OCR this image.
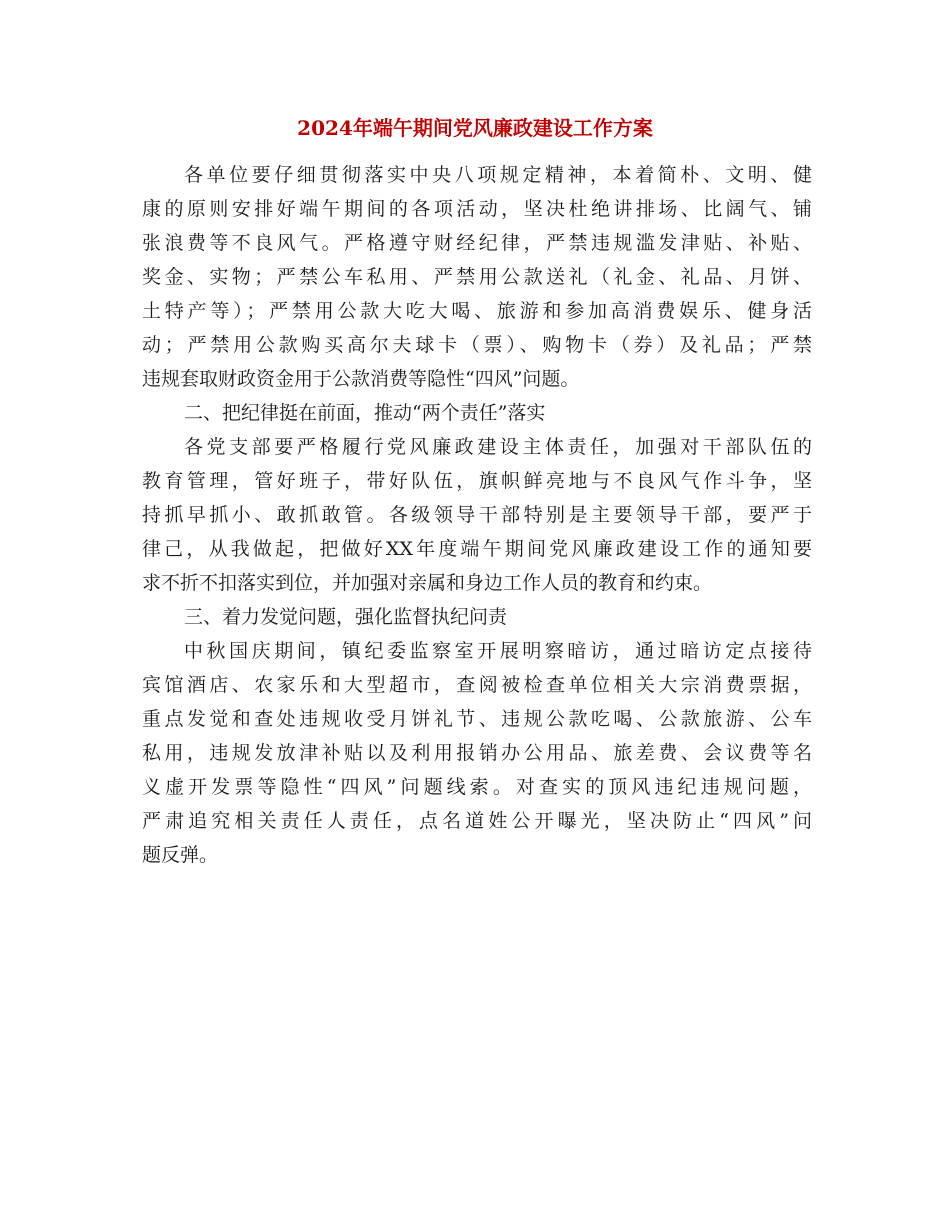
2024年端午期间党风廉政建设工作方案
各单位要仔细贯彻落实中央八项规定精神，本着简朴、文明、健
康的原则安排好端午期间的各项活动，坚决杜绝讲排场、比阔气、铺
张浪费等不良风气。严格遵守财经纪律，严禁违规滥发津贴、补贴、
奖金、实物；严禁公车私用、严禁用公款送礼（礼金、礼品、月饼、
土特产等）；严禁用公款大吃大喝、旅游和参加高消费娱乐、健身活
动；严禁用公款购买高尔夫球卡（票）、购物卡（券）及礼品；严禁
违规套取财政资金用于公款消费等隐性“四风”问题。
二、把纪律挺在前面，推动“两个责任”落实
各党支部要严格履行党风廉政建设主体责任，加强对干部队伍的
教育管理，管好班子，带好队伍，旗帜鲜亮地与不良风气作斗争，坚
持抓早抓小、敢抓敢管。各级领导干部特别是主要领导干部，要严于
律己，从我做起，把做好XX年度端午期间党风廉政建设工作的通知要
求不折不扣落实到位，并加强对亲属和身边工作人员的教育和约束。
三、着力发觉问题，强化监督执纪问责
中秋国庆期间，镇纪委监察室开展明察暗访，通过暗访定点接待
宾馆酒店、农家乐和大型超市，查阅被检查单位相关大宗消费票据，
重点发觉和查处违规收受月饼礼节、违规公款吃喝、公款旅游、公车
私用，违规发放津补贴以及利用报销办公用品、旅差费、会议费等名
义虚开发票等隐性“四风”问题线索。对查实的顶风违纪违规问题，
严肃追究相关责任人责任，点名道姓公开曝光，坚决防止“四风”问
题反弹。
